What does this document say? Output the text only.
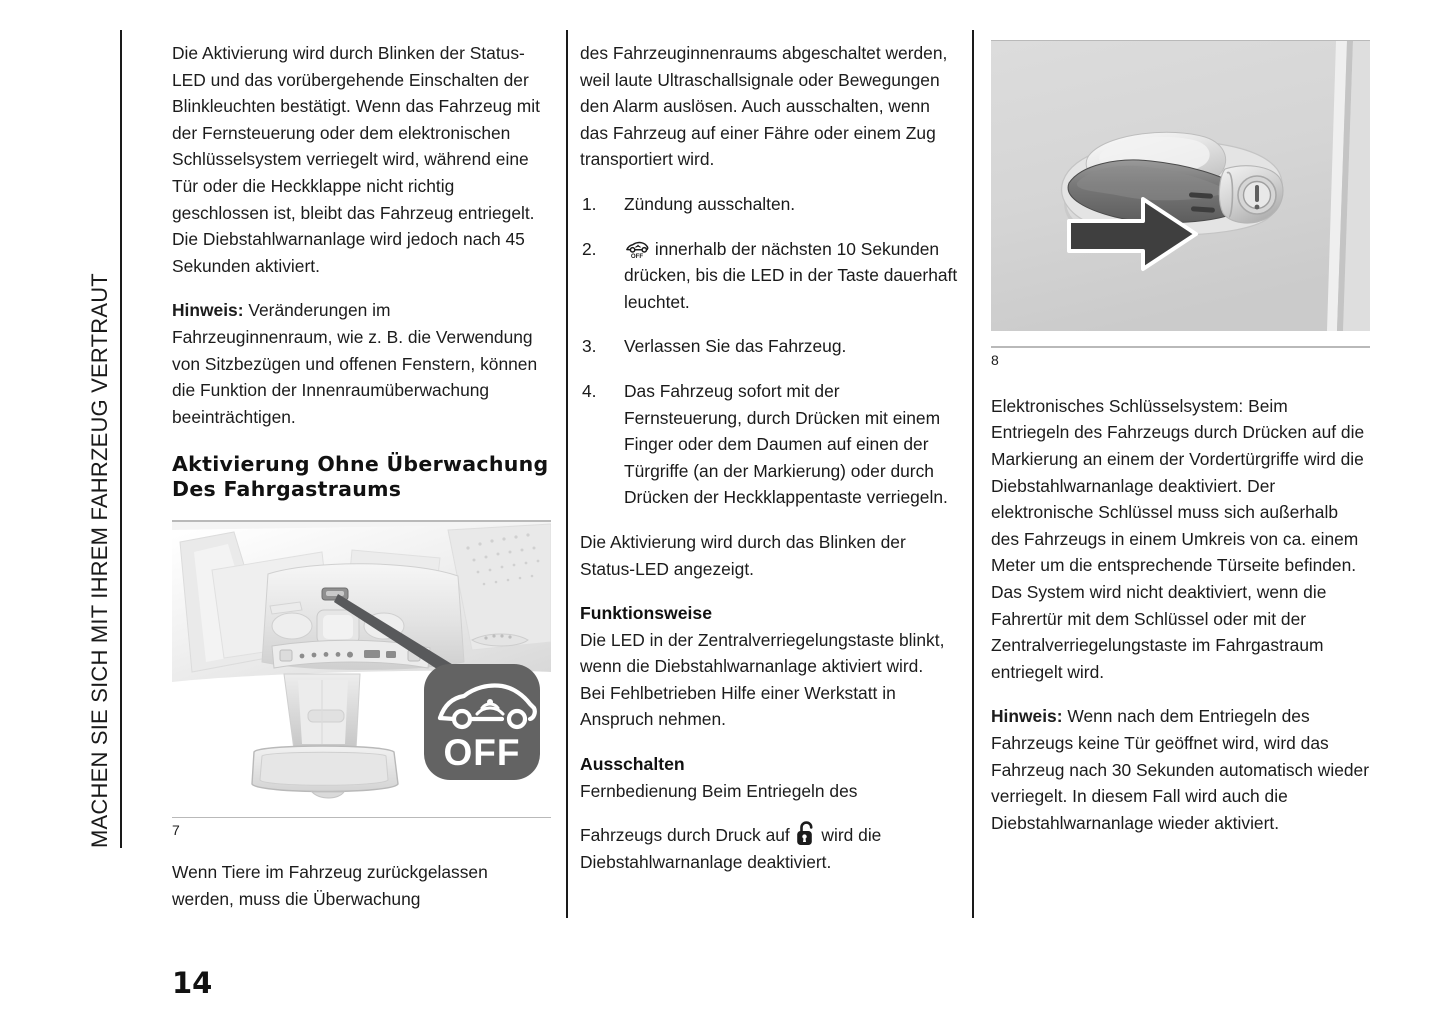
MACHEN SIE SICH MIT IHREM FAHRZEUG VERTRAUT

Die Aktivierung wird durch Blinken der Status-LED und das vorübergehende Einschalten der Blinkleuchten bestätigt. Wenn das Fahrzeug mit der Fernsteuerung oder dem elektronischen Schlüsselsystem verriegelt wird, während eine Tür oder die Heckklappe nicht richtig geschlossen ist, bleibt das Fahrzeug entriegelt. Die Diebstahlwarnanlage wird jedoch nach 45 Sekunden aktiviert.

Hinweis: Veränderungen im Fahrzeuginnenraum, wie z. B. die Verwendung von Sitzbezügen und offenen Fenstern, können die Funktion der Innenraumüberwachung beeinträchtigen.

Aktivierung Ohne Überwachung Des Fahrgastraums
OFF
7

Wenn Tiere im Fahrzeug zurückgelassen werden, muss die Überwachung

des Fahrzeuginnenraums abgeschaltet werden, weil laute Ultraschallsignale oder Bewegungen den Alarm auslösen. Auch ausschalten, wenn das Fahrzeug auf einer Fähre oder einem Zug transportiert wird.

1.	Zündung ausschalten.
2.	OFF innerhalb der nächsten 10 Sekunden drücken, bis die LED in der Taste dauerhaft leuchtet.
3.	Verlassen Sie das Fahrzeug.
4.	Das Fahrzeug sofort mit der Fernsteuerung, durch Drücken mit einem Finger oder dem Daumen auf einen der Türgriffe (an der Markierung) oder durch Drücken der Heckklappentaste verriegeln.

Die Aktivierung wird durch das Blinken der Status-LED angezeigt.

Funktionsweise

Die LED in der Zentralverriegelungstaste blinkt, wenn die Diebstahlwarnanlage aktiviert wird.

Bei Fehlbetrieben Hilfe einer Werkstatt in Anspruch nehmen.

Ausschalten

Fernbedienung Beim Entriegeln des

Fahrzeugs durch Druck auf  wird die Diebstahlwarnanlage deaktiviert.

8

Elektronisches Schlüsselsystem: Beim Entriegeln des Fahrzeugs durch Drücken auf die Markierung an einem der Vordertürgriffe wird die Diebstahlwarnanlage deaktiviert. Der elektronische Schlüssel muss sich außerhalb des Fahrzeugs in einem Umkreis von ca. einem Meter um die entsprechende Türseite befinden. Das System wird nicht deaktiviert, wenn die Fahrertür mit dem Schlüssel oder mit der Zentralverriegelungstaste im Fahrgastraum entriegelt wird.

Hinweis: Wenn nach dem Entriegeln des Fahrzeugs keine Tür geöffnet wird, wird das Fahrzeug nach 30 Sekunden automatisch wieder verriegelt. In diesem Fall wird auch die Diebstahlwarnanlage wieder aktiviert.

14
